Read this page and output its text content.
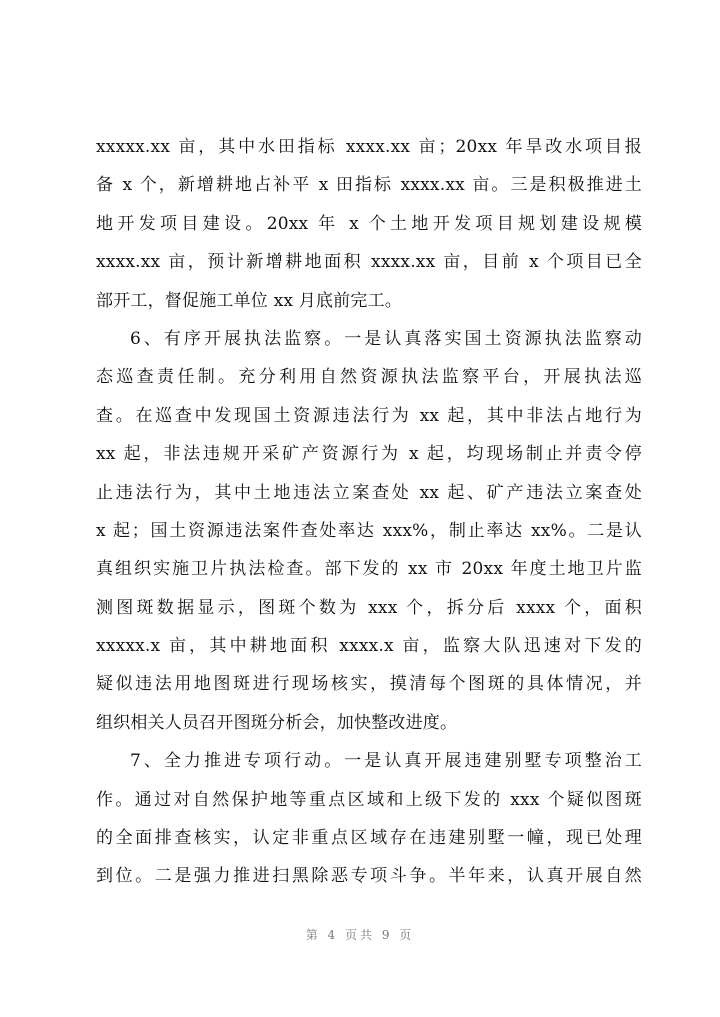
xxxxx.xx 亩，其中水田指标 xxxx.xx 亩；20xx 年旱改水项目报
备 x 个，新增耕地占补平 x 田指标 xxxx.xx 亩。三是积极推进土
地开发项目建设。20xx 年 x 个土地开发项目规划建设规模
xxxx.xx 亩，预计新增耕地面积 xxxx.xx 亩，目前 x 个项目已全
部开工，督促施工单位 xx 月底前完工。
6、有序开展执法监察。一是认真落实国土资源执法监察动
态巡查责任制。充分利用自然资源执法监察平台，开展执法巡
查。在巡查中发现国土资源违法行为 xx 起，其中非法占地行为
xx 起，非法违规开采矿产资源行为 x 起，均现场制止并责令停
止违法行为，其中土地违法立案查处 xx 起、矿产违法立案查处
x 起；国土资源违法案件查处率达 xxx%，制止率达 xx%。二是认
真组织实施卫片执法检查。部下发的 xx 市 20xx 年度土地卫片监
测图斑数据显示，图斑个数为 xxx 个，拆分后 xxxx 个，面积
xxxxx.x 亩，其中耕地面积 xxxx.x 亩，监察大队迅速对下发的
疑似违法用地图斑进行现场核实，摸清每个图斑的具体情况，并
组织相关人员召开图斑分析会，加快整改进度。
7、全力推进专项行动。一是认真开展违建别墅专项整治工
作。通过对自然保护地等重点区域和上级下发的 xxx 个疑似图斑
的全面排查核实，认定非重点区域存在违建别墅一幢，现已处理
到位。二是强力推进扫黑除恶专项斗争。半年来，认真开展自然
第 4 页共 9 页
